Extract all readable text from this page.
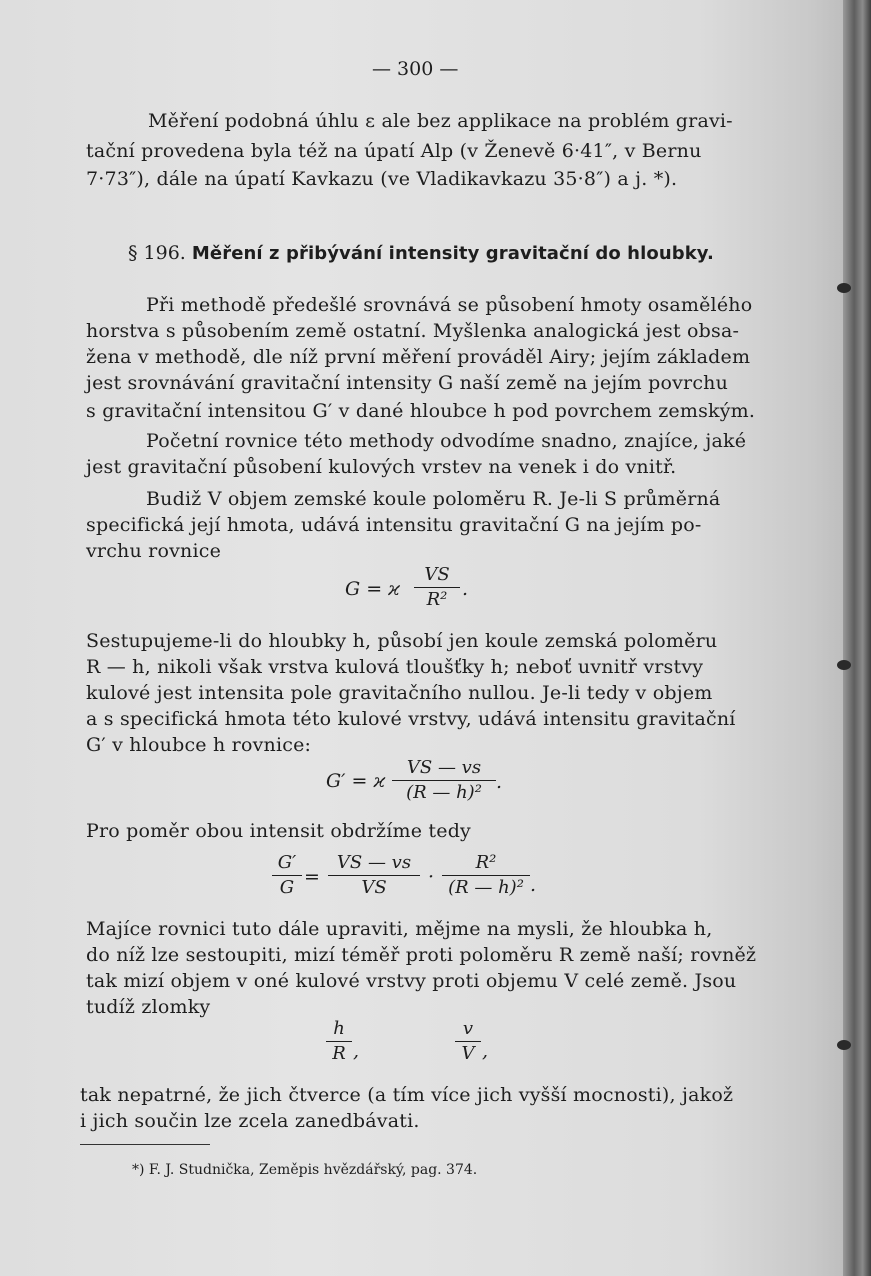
— 300 —
Měření podobná úhlu ε ale bez applikace na problém gravi-
tační provedena byla též na úpatí Alp (v Ženevě 6·41″, v Bernu
7·73″), dále na úpatí Kavkazu (ve Vladikavkazu 35·8″) a j. *).
§ 196. Měření z přibývání intensity gravitační do hloubky.
Při methodě předešlé srovnává se působení hmoty osamělého
horstva s působením země ostatní. Myšlenka analogická jest obsa-
žena v methodě, dle níž první měření prováděl Airy; jejím základem
jest srovnávání gravitační intensity G naší země na jejím povrchu
s gravitační intensitou G′ v dané hloubce h pod povrchem zemským.
Početní rovnice této methody odvodíme snadno, znajíce, jaké
jest gravitační působení kulových vrstev na venek i do vnitř.
Budiž V objem zemské koule poloměru R. Je-li S průměrná
specifická její hmota, udává intensitu gravitační G na jejím po-
vrchu rovnice
G = ϰ
VS
R² .
Sestupujeme-li do hloubky h, působí jen koule zemská poloměru
R — h, nikoli však vrstva kulová tloušťky h; neboť uvnitř vrstvy
kulové jest intensita pole gravitačního nullou. Je-li tedy v objem
a s specifická hmota této kulové vrstvy, udává intensitu gravitační
G′ v hloubce h rovnice:
G′ = ϰ
VS — vs
(R — h)² .
Pro poměr obou intensit obdržíme tedy
G′
G =
VS — vs
VS	·
R²
(R — h)² .
Majíce rovnici tuto dále upraviti, mějme na mysli, že hloubka h,
do níž lze sestoupiti, mizí téměř proti poloměru R země naší; rovněž
tak mizí objem v oné kulové vrstvy proti objemu V celé země. Jsou
tudíž zlomky
h
R ,
v
V ,
tak nepatrné, že jich čtverce (a tím více jich vyšší mocnosti), jakož
i jich součin lze zcela zanedbávati.
*) F. J. Studnička, Zeměpis hvězdářský, pag. 374.
